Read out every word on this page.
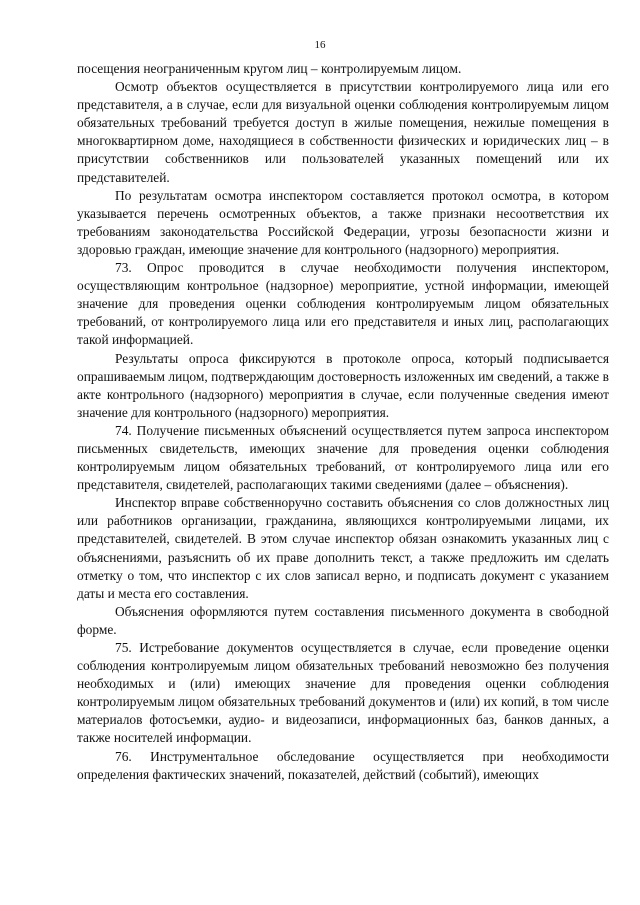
16

посещения неограниченным кругом лиц – контролируемым лицом.

Осмотр объектов осуществляется в присутствии контролируемого лица или его представителя, а в случае, если для визуальной оценки соблюдения контролируемым лицом обязательных требований требуется доступ в жилые помещения, нежилые помещения в многоквартирном доме, находящиеся в собственности физических и юридических лиц – в присутствии собственников или пользователей указанных помещений или их представителей.

По результатам осмотра инспектором составляется протокол осмотра, в котором указывается перечень осмотренных объектов, а также признаки несоответствия их требованиям законодательства Российской Федерации, угрозы безопасности жизни и здоровью граждан, имеющие значение для контрольного (надзорного) мероприятия.

73. Опрос проводится в случае необходимости получения инспектором, осуществляющим контрольное (надзорное) мероприятие, устной информации, имеющей значение для проведения оценки соблюдения контролируемым лицом обязательных требований, от контролируемого лица или его представителя и иных лиц, располагающих такой информацией.

Результаты опроса фиксируются в протоколе опроса, который подписывается опрашиваемым лицом, подтверждающим достоверность изложенных им сведений, а также в акте контрольного (надзорного) мероприятия в случае, если полученные сведения имеют значение для контрольного (надзорного) мероприятия.

74. Получение письменных объяснений осуществляется путем запроса инспектором письменных свидетельств, имеющих значение для проведения оценки соблюдения контролируемым лицом обязательных требований, от контролируемого лица или его представителя, свидетелей, располагающих такими сведениями (далее – объяснения).

Инспектор вправе собственноручно составить объяснения со слов должностных лиц или работников организации, гражданина, являющихся контролируемыми лицами, их представителей, свидетелей. В этом случае инспектор обязан ознакомить указанных лиц с объяснениями, разъяснить об их праве дополнить текст, а также предложить им сделать отметку о том, что инспектор с их слов записал верно, и подписать документ с указанием даты и места его составления.

Объяснения оформляются путем составления письменного документа в свободной форме.

75. Истребование документов осуществляется в случае, если проведение оценки соблюдения контролируемым лицом обязательных требований невозможно без получения необходимых и (или) имеющих значение для проведения оценки соблюдения контролируемым лицом обязательных требований документов и (или) их копий, в том числе материалов фотосъемки, аудио- и видеозаписи, информационных баз, банков данных, а также носителей информации.

76. Инструментальное обследование осуществляется при необходимости определения фактических значений, показателей, действий (событий), имеющих
